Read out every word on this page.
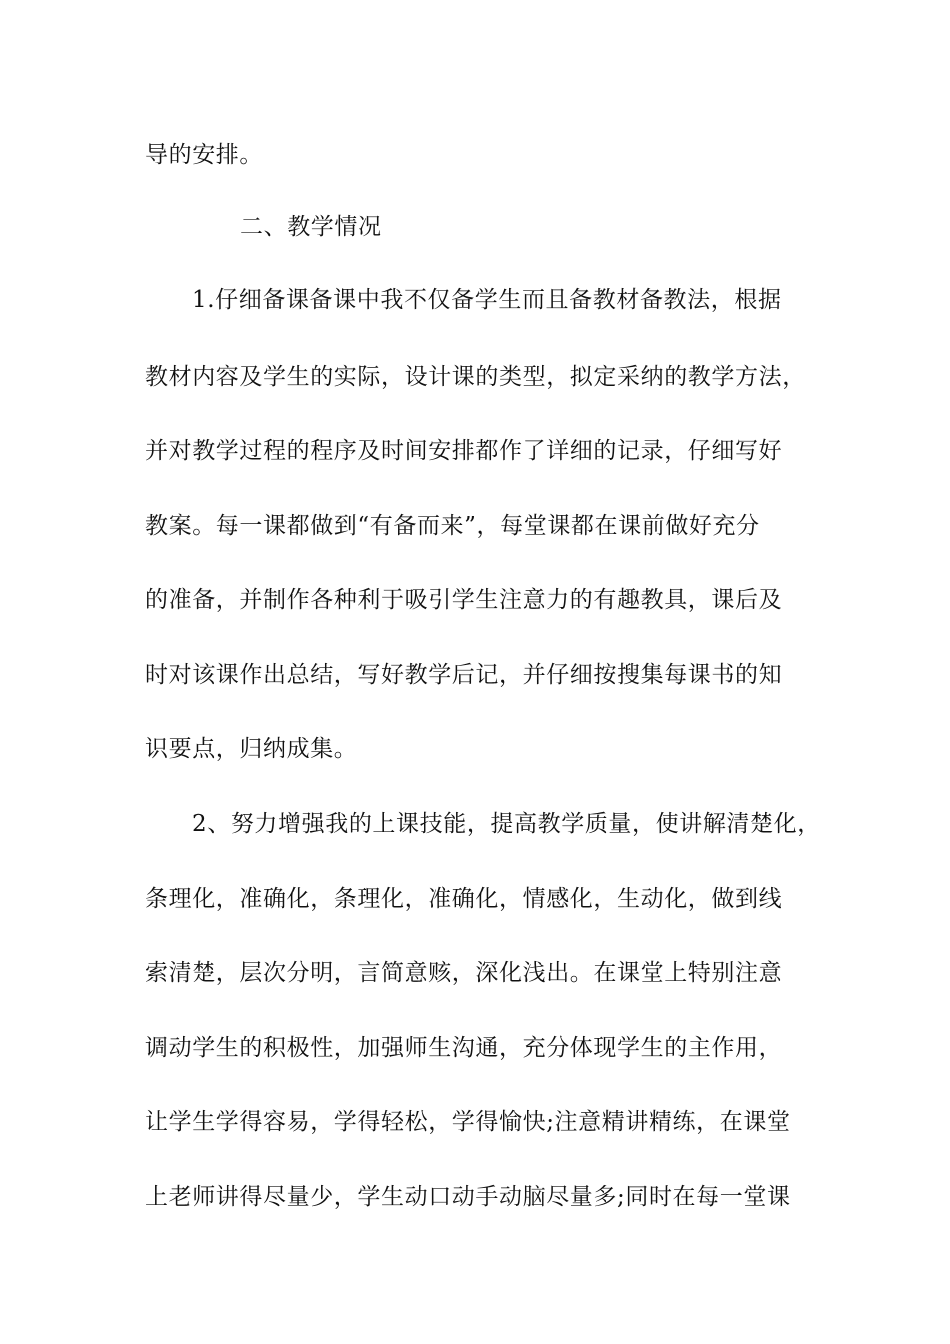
导的安排。
二、教学情况
1.仔细备课备课中我不仅备学生而且备教材备教法，根据
教材内容及学生的实际，设计课的类型，拟定采纳的教学方法，
并对教学过程的程序及时间安排都作了详细的记录，仔细写好
教案。每一课都做到“有备而来”，每堂课都在课前做好充分
的准备，并制作各种利于吸引学生注意力的有趣教具，课后及
时对该课作出总结，写好教学后记，并仔细按搜集每课书的知
识要点，归纳成集。
2、努力增强我的上课技能，提高教学质量，使讲解清楚化，
条理化，准确化，条理化，准确化，情感化，生动化，做到线
索清楚，层次分明，言简意赅，深化浅出。在课堂上特别注意
调动学生的积极性，加强师生沟通，充分体现学生的主作用，
让学生学得容易，学得轻松，学得愉快;注意精讲精练，在课堂
上老师讲得尽量少，学生动口动手动脑尽量多;同时在每一堂课
